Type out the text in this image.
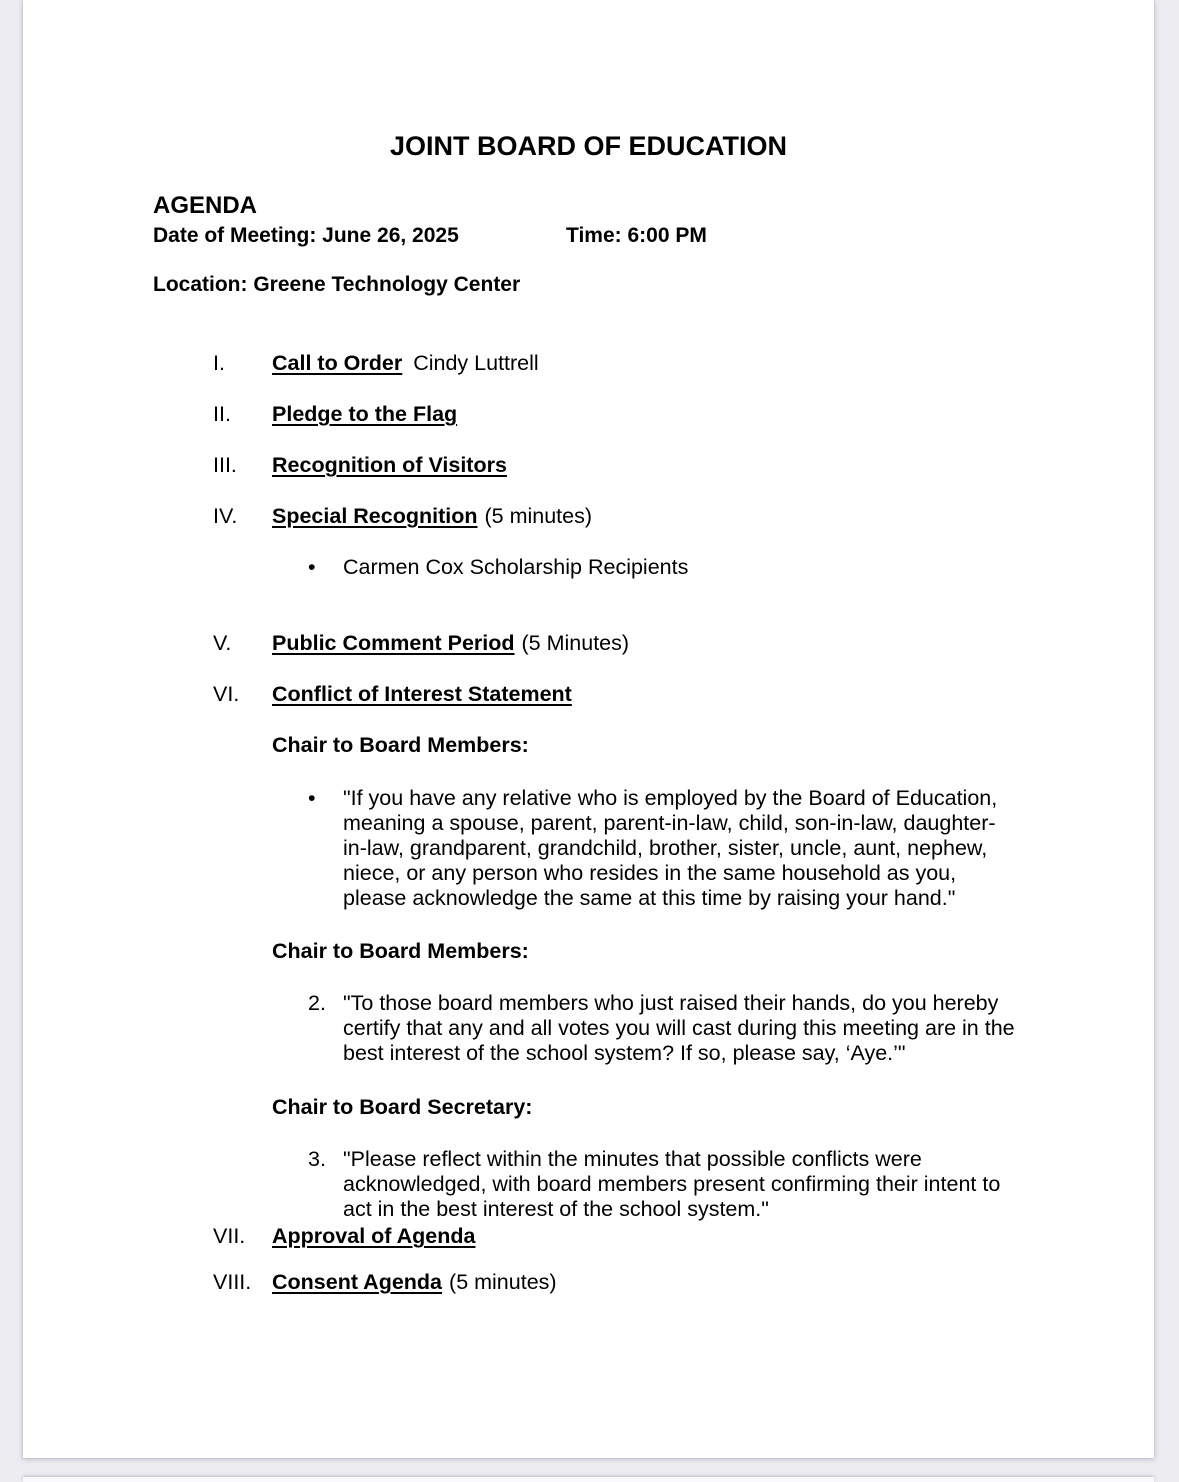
JOINT BOARD OF EDUCATION
AGENDA
Date of Meeting: June 26, 2025	Time: 6:00 PM
Location: Greene Technology Center
I. Call to Order Cindy Luttrell
II. Pledge to the Flag
III. Recognition of Visitors
IV. Special Recognition (5 minutes)
•	Carmen Cox Scholarship Recipients
V. Public Comment Period (5 Minutes)
VI. Conflict of Interest Statement
Chair to Board Members:
•	"If you have any relative who is employed by the Board of Education, meaning a spouse, parent, parent-in-law, child, son-in-law, daughter-in-law, grandparent, grandchild, brother, sister, uncle, aunt, nephew, niece, or any person who resides in the same household as you, please acknowledge the same at this time by raising your hand."
Chair to Board Members:
2. "To those board members who just raised their hands, do you hereby certify that any and all votes you will cast during this meeting are in the best interest of the school system? If so, please say, ‘Aye.’"
Chair to Board Secretary:
3. "Please reflect within the minutes that possible conflicts were acknowledged, with board members present confirming their intent to act in the best interest of the school system."
VII. Approval of Agenda
VIII. Consent Agenda (5 minutes)
